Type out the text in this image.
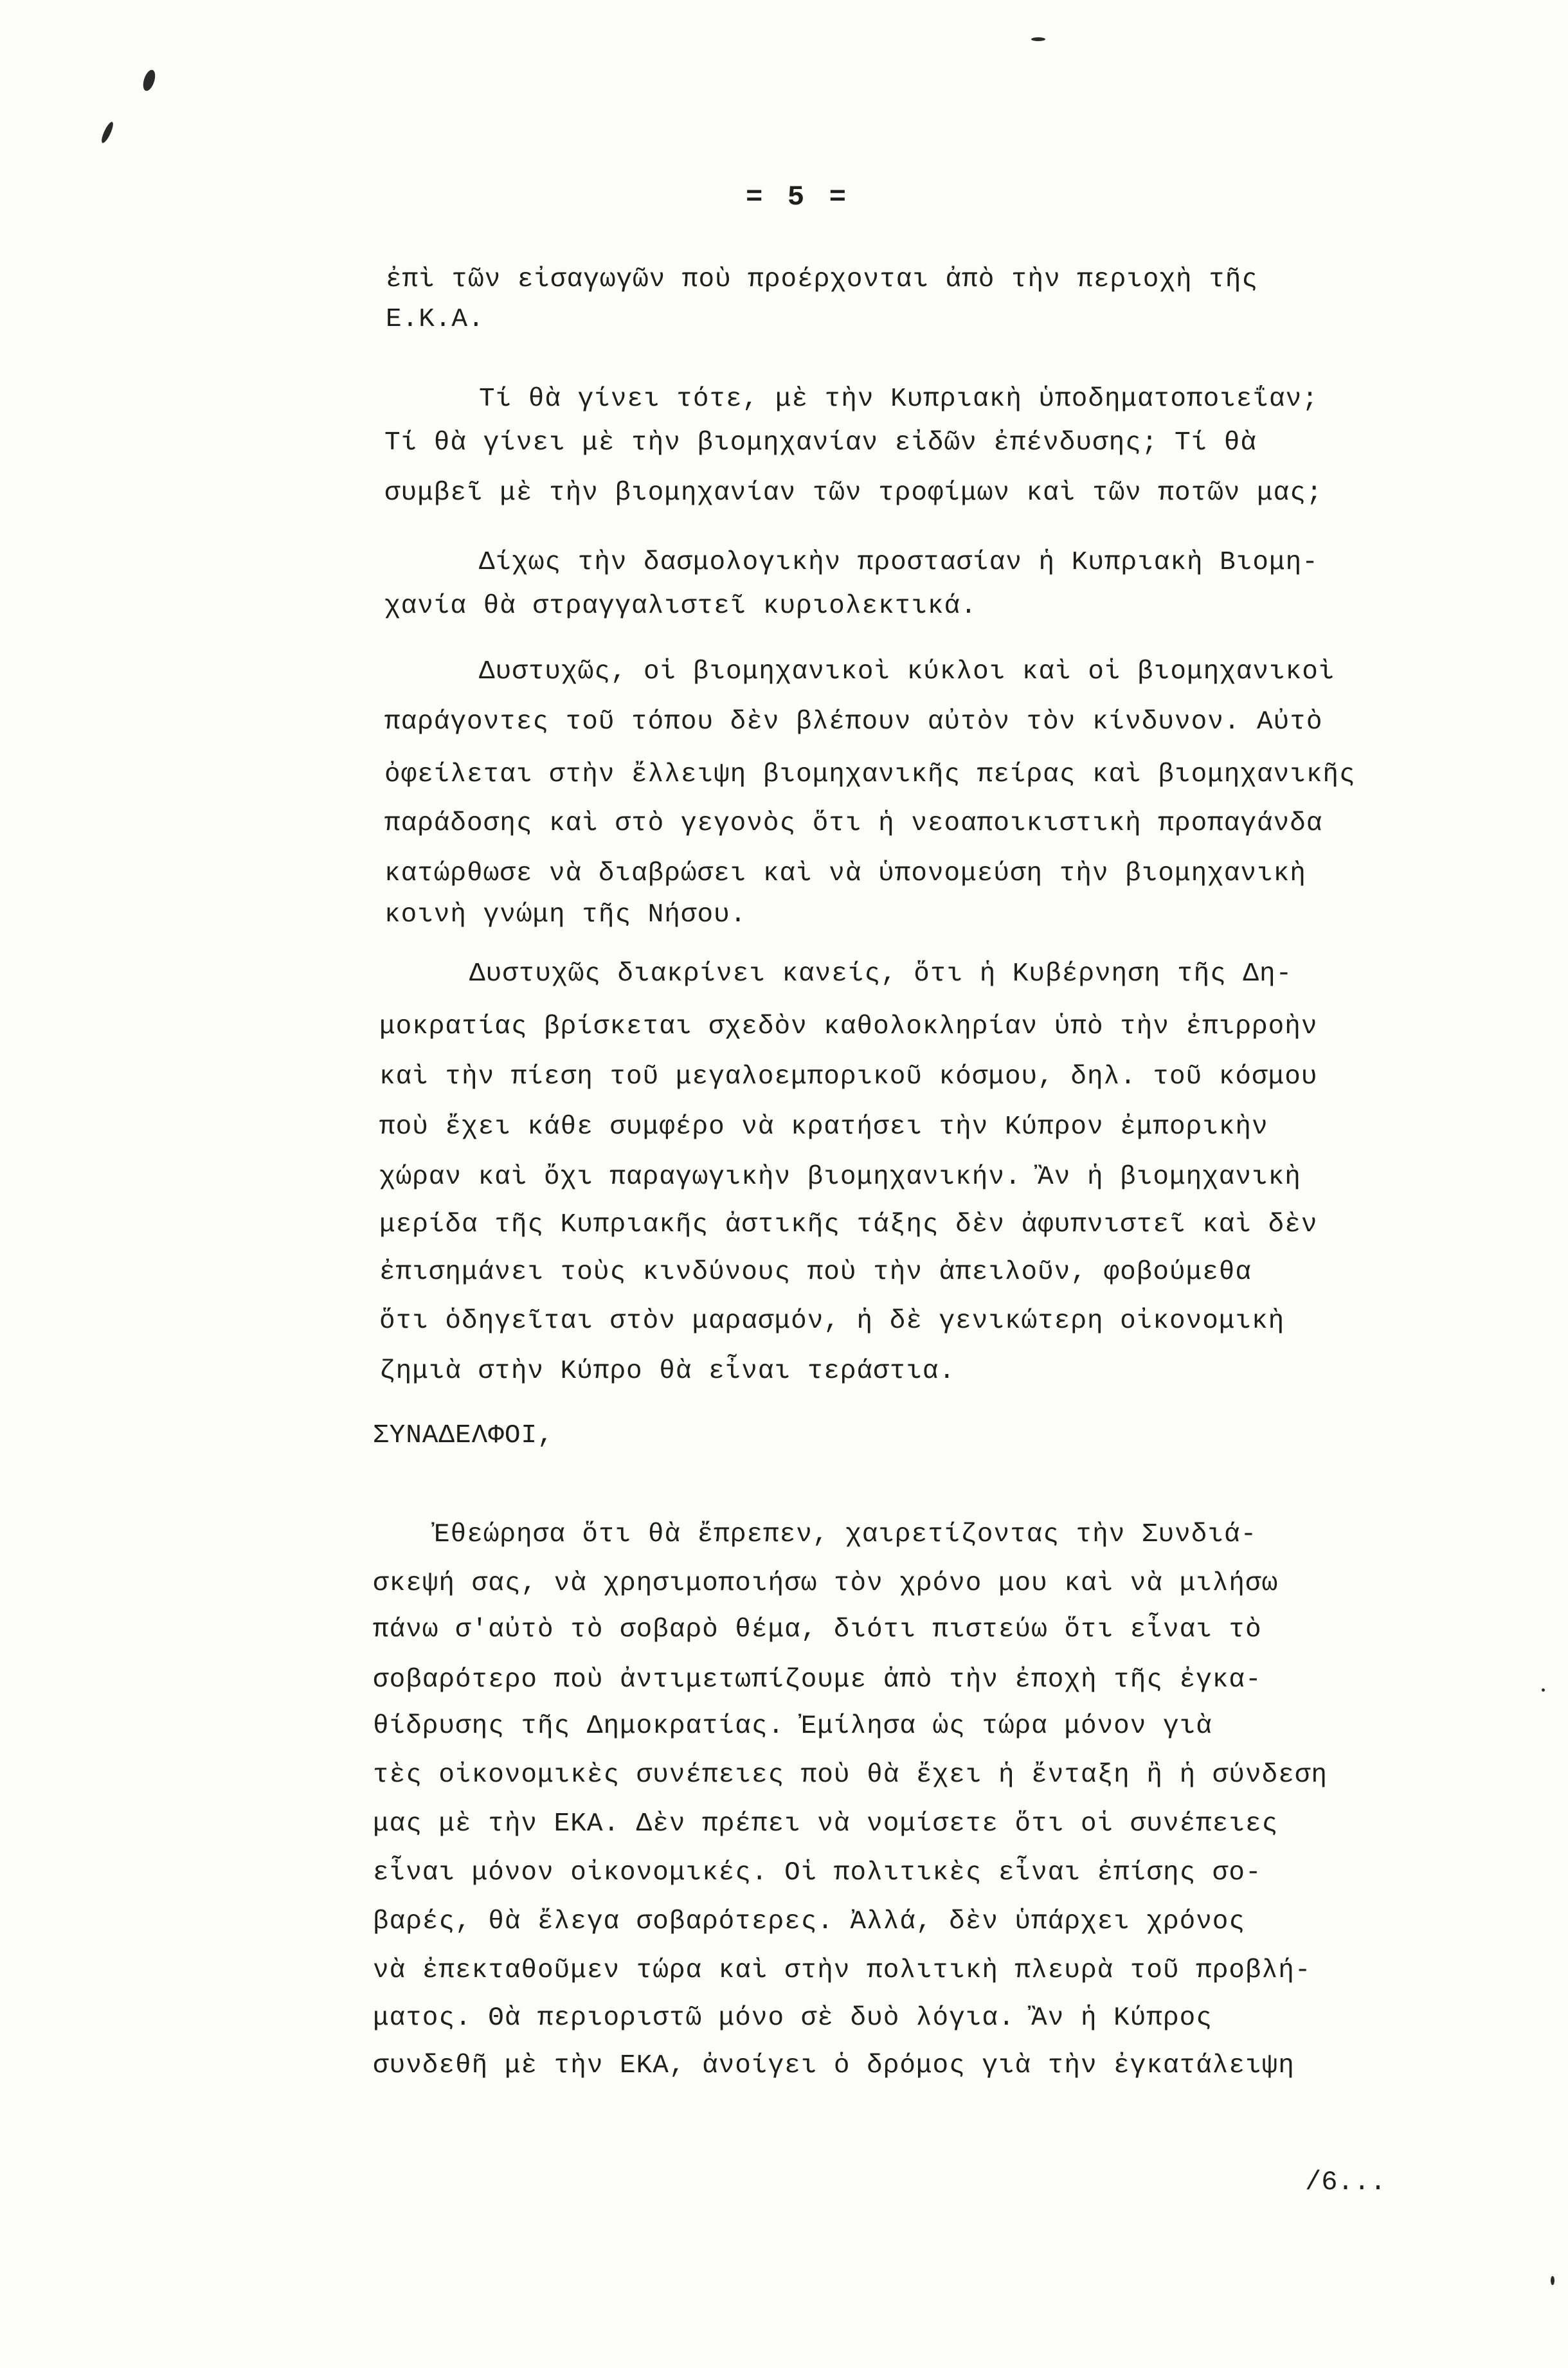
= 5 =
ἐπὶ τῶν εἰσαγωγῶν ποὺ προέρχονται ἀπὸ τὴν περιοχὴ τῆς
Ε.Κ.Α.
Τί θὰ γίνει τότε, μὲ τὴν Κυπριακὴ ὑποδηματοποιεΐαν;
Τί θὰ γίνει μὲ τὴν βιομηχανίαν εἰδῶν ἐπένδυσης; Τί θὰ
συμβεῖ μὲ τὴν βιομηχανίαν τῶν τροφίμων καὶ τῶν ποτῶν μας;
Δίχως τὴν δασμολογικὴν προστασίαν ἡ Κυπριακὴ Βιομη-
χανία θὰ στραγγαλιστεῖ κυριολεκτικά.
Δυστυχῶς, οἱ βιομηχανικοὶ κύκλοι καὶ οἱ βιομηχανικοὶ
παράγοντες τοῦ τόπου δὲν βλέπουν αὐτὸν τὸν κίνδυνον. Αὐτὸ
ὀφείλεται στὴν ἔλλειψη βιομηχανικῆς πείρας καὶ βιομηχανικῆς
παράδοσης καὶ στὸ γεγονὸς ὅτι ἡ νεοαποικιστικὴ προπαγάνδα
κατώρθωσε νὰ διαβρώσει καὶ νὰ ὑπονομεύση τὴν βιομηχανικὴ
κοινὴ γνώμη τῆς Νήσου.
Δυστυχῶς διακρίνει κανείς, ὅτι ἡ Κυβέρνηση τῆς Δη-
μοκρατίας βρίσκεται σχεδὸν καθολοκληρίαν ὑπὸ τὴν ἐπιρροὴν
καὶ τὴν πίεση τοῦ μεγαλοεμπορικοῦ κόσμου, δηλ. τοῦ κόσμου
ποὺ ἔχει κάθε συμφέρο νὰ κρατήσει τὴν Κύπρον ἐμπορικὴν
χώραν καὶ ὄχι παραγωγικὴν βιομηχανικήν. Ἂν ἡ βιομηχανικὴ
μερίδα τῆς Κυπριακῆς ἀστικῆς τάξης δὲν ἀφυπνιστεῖ καὶ δὲν
ἐπισημάνει τοὺς κινδύνους ποὺ τὴν ἀπειλοῦν, φοβούμεθα
ὅτι ὁδηγεῖται στὸν μαρασμόν, ἡ δὲ γενικώτερη οἰκονομικὴ
ζημιὰ στὴν Κύπρο θὰ εἶναι τεράστια.
ΣΥΝΑΔΕΛΦΟΙ,
Ἐθεώρησα ὅτι θὰ ἔπρεπεν, χαιρετίζοντας τὴν Συνδιά-
σκεψή σας, νὰ χρησιμοποιήσω τὸν χρόνο μου καὶ νὰ μιλήσω
πάνω σ'αὐτὸ τὸ σοβαρὸ θέμα, διότι πιστεύω ὅτι εἶναι τὸ
σοβαρότερο ποὺ ἀντιμετωπίζουμε ἀπὸ τὴν ἐποχὴ τῆς ἐγκα-
θίδρυσης τῆς Δημοκρατίας. Ἐμίλησα ὡς τώρα μόνον γιὰ
τὲς οἰκονομικὲς συνέπειες ποὺ θὰ ἔχει ἡ ἔνταξη ἢ ἡ σύνδεση
μας μὲ τὴν ΕΚΑ. Δὲν πρέπει νὰ νομίσετε ὅτι οἱ συνέπειες
εἶναι μόνον οἰκονομικές. Οἱ πολιτικὲς εἶναι ἐπίσης σο-
βαρές, θὰ ἔλεγα σοβαρότερες. Ἀλλά, δὲν ὑπάρχει χρόνος
νὰ ἐπεκταθοῦμεν τώρα καὶ στὴν πολιτικὴ πλευρὰ τοῦ προβλή-
ματος. Θὰ περιοριστῶ μόνο σὲ δυὸ λόγια. Ἂν ἡ Κύπρος
συνδεθῆ μὲ τὴν ΕΚΑ, ἀνοίγει ὁ δρόμος γιὰ τὴν ἐγκατάλειψη
/6...
